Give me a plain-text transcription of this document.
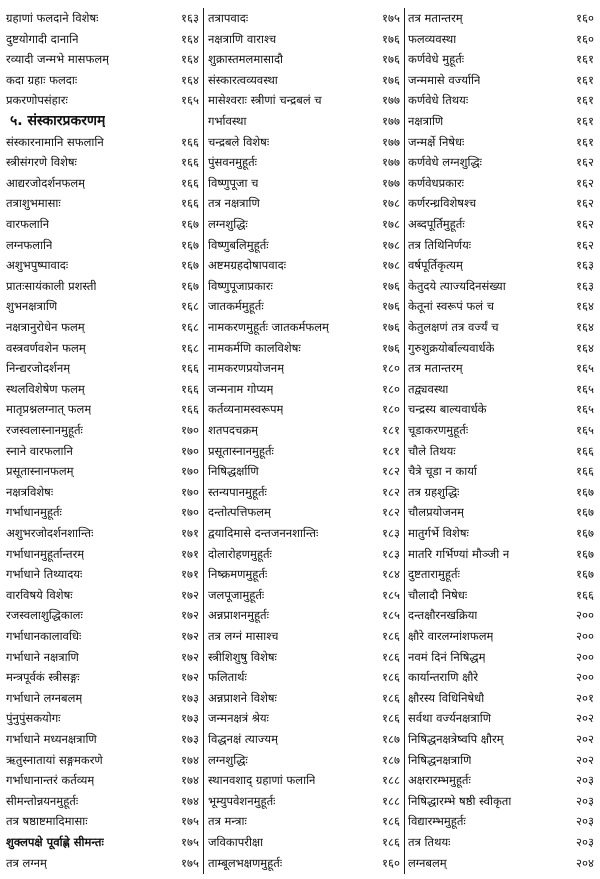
ग्रहाणां फलदाने विशेषः	१६३
दुष्टयोगादी दानानि	१६४
रव्यादी जन्मभे मासफलम्	१६४
कदा ग्रहाः फलदाः	१६४
प्रकरणोपसंहारः	१६५
५. संस्कारप्रकरणम्
संस्कारनामानि सफलानि	१६६
स्त्रीसंगरणे विशेषः	१६६
आद्यरजोदर्शनफलम्	१६६
तत्राशुभमासाः	१६६
वारफलानि	१६७
लग्नफलानि	१६७
अशुभपुष्पावादः	१६७
प्रातःसायंकाली प्रशस्ती	१६७
शुभनक्षत्राणि	१६८
नक्षत्रानुरोधेन फलम्	१६८
वस्त्रवर्णवशेन फलम्	१६८
निन्द्यरजोदर्शनम्	१६६
स्थलविशेषेण फलम्	१६६
मातृप्रश्नलग्नात् फलम्	१६६
रजस्वलास्नानमुहूर्तः	१७०
स्नाने वारफलानि	१७०
प्रसूतास्नानफलम्	१७०
नक्षत्रविशेषः	१७०
गर्भाधानमुहूर्तः	१७०
अशुभरजोदर्शनशान्तिः	१७१
गर्भाधानमुहूर्तान्तरम्	१७१
गर्भाधाने तिथ्यादयः	१७१
वारविषये विशेषः	१७२
रजस्वलाशुद्धिकालः	१७२
गर्भाधानकालावधिः	१७२
गर्भाधाने नक्षत्राणि	१७२
मन्त्रपूर्वकं स्त्रीसङ्गः	१७२
गर्भाधाने लग्नबलम्	१७३
पुंनुपुंसकयोगः	१७३
गर्भाधाने मध्यनक्षत्राणि	१७३
ऋतुस्नातायां सङ्गमकरणे	१७४
गर्भाधानान्तरं कर्तव्यम्	१७४
सीमन्तोन्नयनमुहूर्तः	१७४
तत्र षष्ठाष्टमादिमासाः	१७५
शुक्लपक्षे पूर्वाह्णे सीमन्तः	१७५
तत्र लग्नम्	१७५
तत्रापवादः	१७५
नक्षत्राणि वाराश्च	१७६
शुक्रास्तमलमासादौ	१७६
संस्कारत्वव्यवस्था	१७६
मासेश्वराः स्त्रीणां चन्द्रबलं च	१७७
गर्भावस्था	१७७
चन्द्रबले विशेषः	१७७
पुंसवनमुहूर्तः	१७७
विष्णुपूजा च	१७७
तत्र नक्षत्राणि	१७८
लग्नशुद्धिः	१७८
विष्णुबलिमुहूर्तः	१७८
अष्टमग्रहदोषापवादः	१७८
विष्णुपूजाप्रकारः	१७६
जातकर्ममुहूर्तः	१७६
नामकरणमुहूर्तः जातकर्मफलम्	१७६
नामकर्मणि कालविशेषः	१७६
नामकरणप्रयोजनम्	१८०
जन्मनाम गोप्यम्	१८०
कर्तव्यनामस्वरूपम्	१८०
शतपदचक्रम्	१८१
प्रसूतास्नानमुहूर्तः	१८१
निषिद्धर्क्षाणि	१८२
स्तन्यपानमुहूर्तः	१८२
दन्तोत्पत्तिफलम्	१८२
द्वयादिमासे दन्तजननशान्तिः	१८३
दोलारोहणमुहूर्तः	१८३
निष्क्रमणमुहूर्तः	१८४
जलपूजामुहूर्तः	१८५
अन्नप्राशनमुहूर्तः	१८५
तत्र लग्नं मासाश्च	१८६
स्त्रीशिशुषु विशेषः	१८६
फलितार्थः	१८६
अन्नप्राशने विशेषः	१८६
जन्मनक्षत्रं श्रेयः	१८६
विद्धनक्षं त्याज्यम्	१८७
लग्नशुद्धिः	१८७
स्थानवशाद् ग्रहाणां फलानि	१८८
भूम्युपवेशनमुहूर्तः	१८८
तत्र मन्त्राः	१८६
जविकापरीक्षा	१८६
ताम्बूलभक्षणमुहूर्तः	१६०
तत्र मतान्तरम्	१६०
फलव्यवस्था	१६०
कर्णवेधे मुहूर्तः	१६१
जन्ममासे वर्ज्यानि	१६१
कर्णवेधे तिथयः	१६१
नक्षत्राणि	१६१
जन्मर्क्षे निषेधः	१६१
कर्णवेधे लग्नशुद्धिः	१६२
कर्णवेधप्रकारः	१६२
कर्णरन्ध्रविशेषश्च	१६२
अब्दपूर्तिमुहूर्तः	१६२
तत्र तिथिनिर्णयः	१६२
वर्षपूर्तिकृत्यम्	१६३
केतुदये त्याज्यदिनसंख्या	१६३
केतूनां स्वरूपं फलं च	१६४
केतुलक्षणं तत्र वर्ज्यं च	१६४
गुरुशुक्रयोर्बाल्यवार्धके	१६४
तत्र मतान्तरम्	१६५
तद्व्यवस्था	१६५
चन्द्रस्य बाल्यवार्धके	१६५
चूडाकरणमुहूर्तः	१६५
चौले तिथयः	१६६
चैत्रे चूडा न कार्या	१६६
तत्र ग्रहशुद्धिः	१६७
चौलप्रयोजनम्	१६७
मातुर्गर्भे विशेषः	१६७
मातरि गर्भिण्यां मौञ्जी न	१६७
दुष्टतारामुहूर्तः	१६७
चौलादौ निषेधः	१६६
दन्तक्षौरनखक्रिया	२००
क्षौरे वारलग्नांशफलम्	२००
नवमं दिनं निषिद्धम्	२००
कार्यान्तराणि क्षौरे	२००
क्षौरस्य विधिनिषेधौ	२०१
सर्वथा वर्ज्यनक्षत्राणि	२०२
निषिद्धनक्षत्रेष्वपि क्षौरम्	२०२
निषिद्धनक्षत्राणि	२०२
अक्षरारम्भमुहूर्तः	२०३
निषिद्धारम्भे षष्ठी स्वीकृता	२०३
विद्यारम्भमुहूर्तः	२०३
तत्र तिथयः	२०३
लग्नबलम्	२०४
